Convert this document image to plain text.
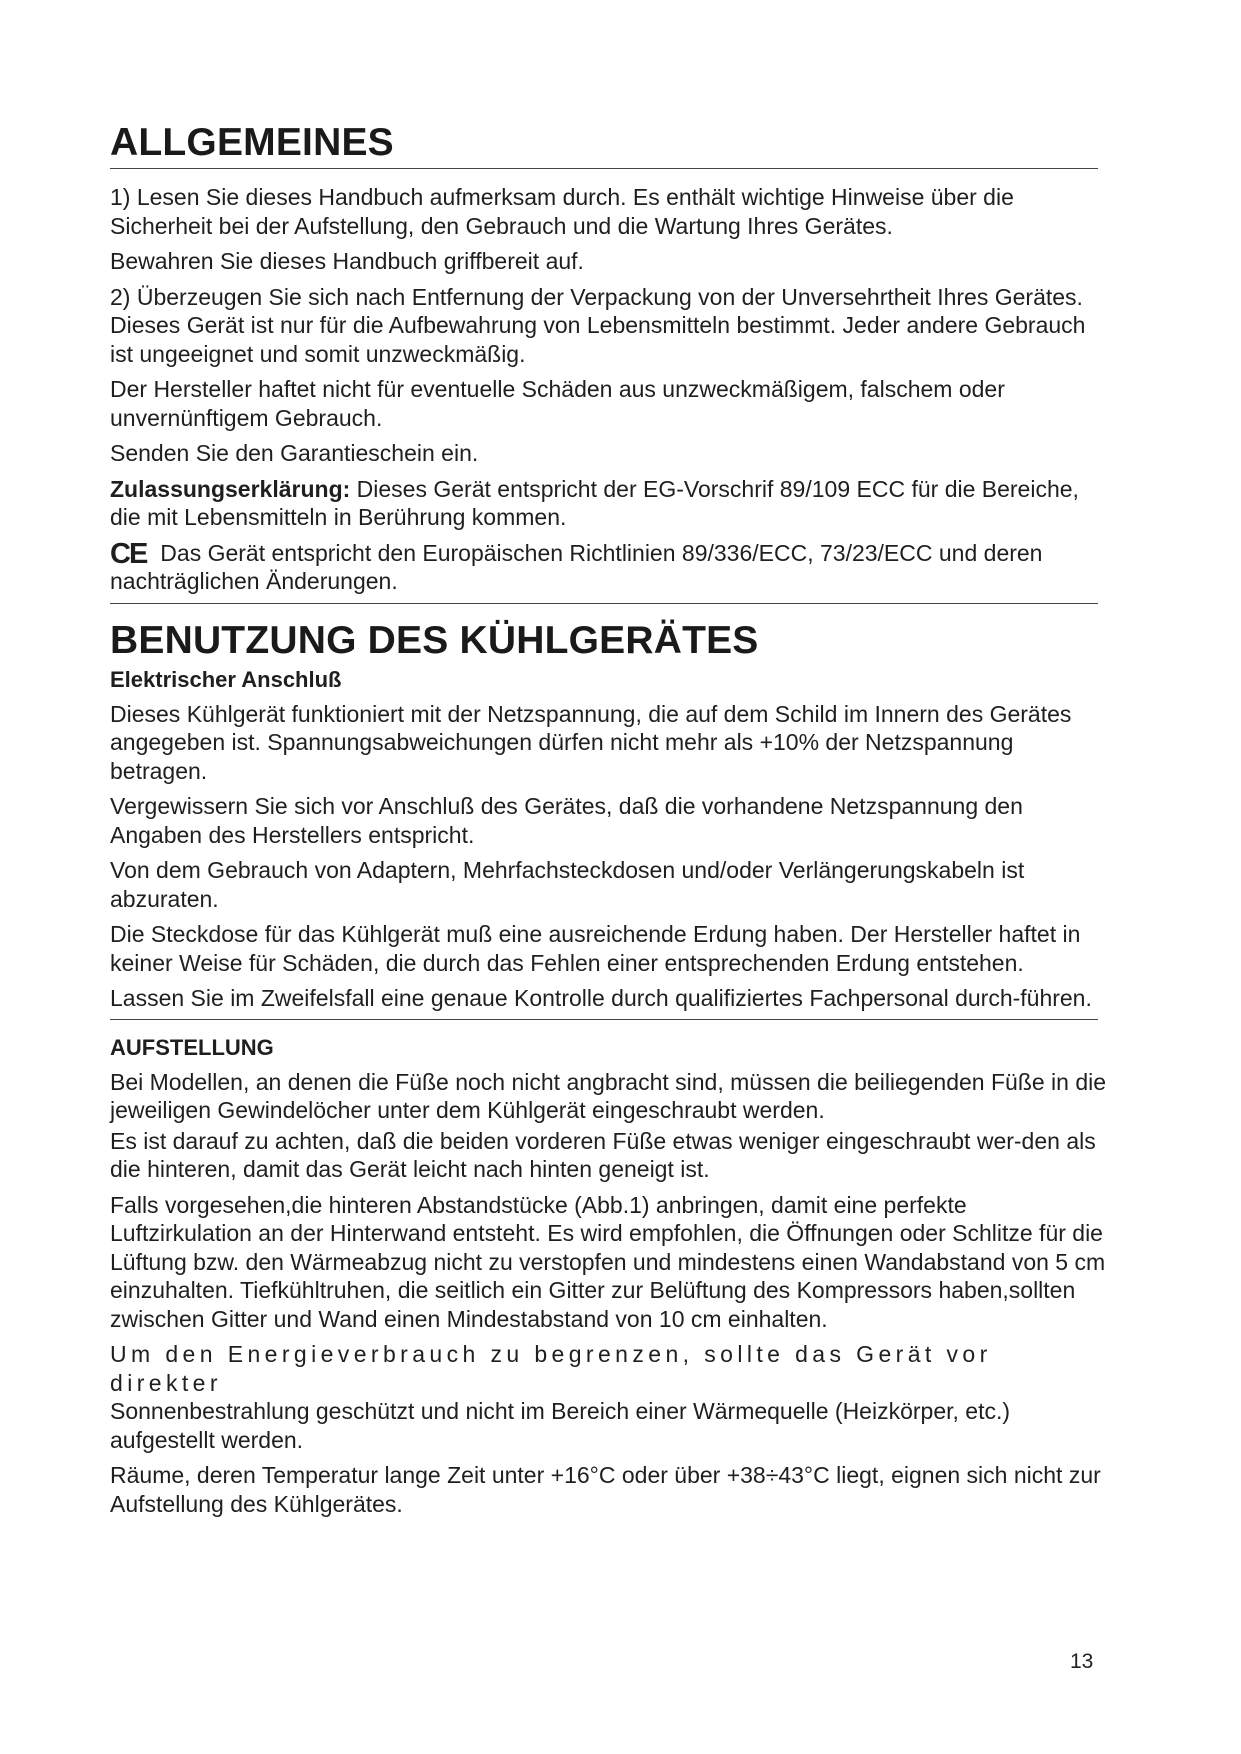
ALLGEMEINES

1) Lesen Sie dieses Handbuch aufmerksam durch. Es enthält wichtige Hinweise über die Sicherheit bei der Aufstellung, den Gebrauch und die Wartung Ihres Gerätes.

Bewahren Sie dieses Handbuch griffbereit auf.

2) Überzeugen Sie sich nach Entfernung der Verpackung von der Unversehrtheit Ihres Gerätes. Dieses Gerät ist nur für die Aufbewahrung von Lebensmitteln bestimmt. Jeder andere Gebrauch ist ungeeignet und somit unzweckmäßig.

Der Hersteller haftet nicht für eventuelle Schäden aus unzweckmäßigem, falschem oder unvernünftigem Gebrauch.

Senden Sie den Garantieschein ein.

Zulassungserklärung: Dieses Gerät entspricht der EG-Vorschrif 89/109 ECC für die Bereiche, die mit Lebensmitteln in Berührung kommen.

CE Das Gerät entspricht den Europäischen Richtlinien 89/336/ECC, 73/23/ECC und deren nachträglichen Änderungen.

BENUTZUNG DES KÜHLGERÄTES

Elektrischer Anschluß

Dieses Kühlgerät funktioniert mit der Netzspannung, die auf dem Schild im Innern des Gerätes angegeben ist. Spannungsabweichungen dürfen nicht mehr als +10% der Netzspannung betragen.

Vergewissern Sie sich vor Anschluß des Gerätes, daß die vorhandene Netzspannung den Angaben des Herstellers entspricht.

Von dem Gebrauch von Adaptern, Mehrfachsteckdosen und/oder Verlängerungskabeln ist abzuraten.

Die Steckdose für das Kühlgerät muß eine ausreichende Erdung haben. Der Hersteller haftet in keiner Weise für Schäden, die durch das Fehlen einer entsprechenden Erdung entstehen.

Lassen Sie im Zweifelsfall eine genaue Kontrolle durch qualifiziertes Fachpersonal durch-führen.

AUFSTELLUNG

Bei Modellen, an denen die Füße noch nicht angbracht sind, müssen die beiliegenden Füße in die jeweiligen Gewindelöcher unter dem Kühlgerät eingeschraubt werden.

Es ist darauf zu achten, daß die beiden vorderen Füße etwas weniger eingeschraubt wer-den als die hinteren, damit das Gerät leicht nach hinten geneigt ist.

Falls vorgesehen,die hinteren Abstandstücke (Abb.1) anbringen, damit eine perfekte Luftzirkulation an der Hinterwand entsteht. Es wird empfohlen, die Öffnungen oder Schlitze für die Lüftung bzw. den Wärmeabzug nicht zu verstopfen und mindestens einen Wandabstand von 5 cm einzuhalten. Tiefkühltruhen, die seitlich ein Gitter zur Belüftung des Kompressors haben,sollten zwischen Gitter und Wand einen Mindestabstand von 10 cm einhalten.

Um den Energieverbrauch zu begrenzen, sollte das Gerät vor direkter
Sonnenbestrahlung geschützt und nicht im Bereich einer Wärmequelle (Heizkörper, etc.) aufgestellt werden.

Räume, deren Temperatur lange Zeit unter +16°C oder über +38÷43°C liegt, eignen sich nicht zur Aufstellung des Kühlgerätes.

13
